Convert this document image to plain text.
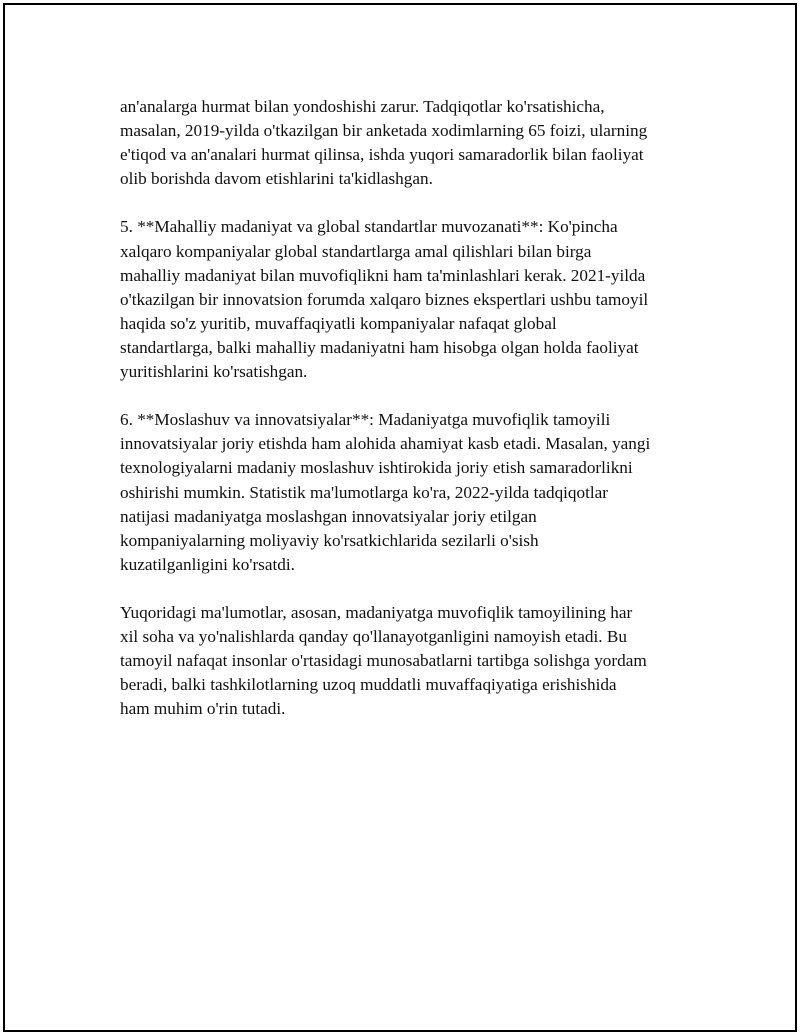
an'analarga hurmat bilan yondoshishi zarur. Tadqiqotlar ko'rsatishicha,

masalan, 2019-yilda o'tkazilgan bir anketada xodimlarning 65 foizi, ularning

e'tiqod va an'analari hurmat qilinsa, ishda yuqori samaradorlik bilan faoliyat

olib borishda davom etishlarini ta'kidlashgan.

5. **Mahalliy madaniyat va global standartlar muvozanati**: Ko'pincha

xalqaro kompaniyalar global standartlarga amal qilishlari bilan birga

mahalliy madaniyat bilan muvofiqlikni ham ta'minlashlari kerak. 2021-yilda

o'tkazilgan bir innovatsion forumda xalqaro biznes ekspertlari ushbu tamoyil

haqida so'z yuritib, muvaffaqiyatli kompaniyalar nafaqat global

standartlarga, balki mahalliy madaniyatni ham hisobga olgan holda faoliyat

yuritishlarini ko'rsatishgan.

6. **Moslashuv va innovatsiyalar**: Madaniyatga muvofiqlik tamoyili

innovatsiyalar joriy etishda ham alohida ahamiyat kasb etadi. Masalan, yangi

texnologiyalarni madaniy moslashuv ishtirokida joriy etish samaradorlikni

oshirishi mumkin. Statistik ma'lumotlarga ko'ra, 2022-yilda tadqiqotlar

natijasi madaniyatga moslashgan innovatsiyalar joriy etilgan

kompaniyalarning moliyaviy ko'rsatkichlarida sezilarli o'sish

kuzatilganligini ko'rsatdi.

Yuqoridagi ma'lumotlar, asosan, madaniyatga muvofiqlik tamoyilining har

xil soha va yo'nalishlarda qanday qo'llanayotganligini namoyish etadi. Bu

tamoyil nafaqat insonlar o'rtasidagi munosabatlarni tartibga solishga yordam

beradi, balki tashkilotlarning uzoq muddatli muvaffaqiyatiga erishishida

ham muhim o'rin tutadi.
